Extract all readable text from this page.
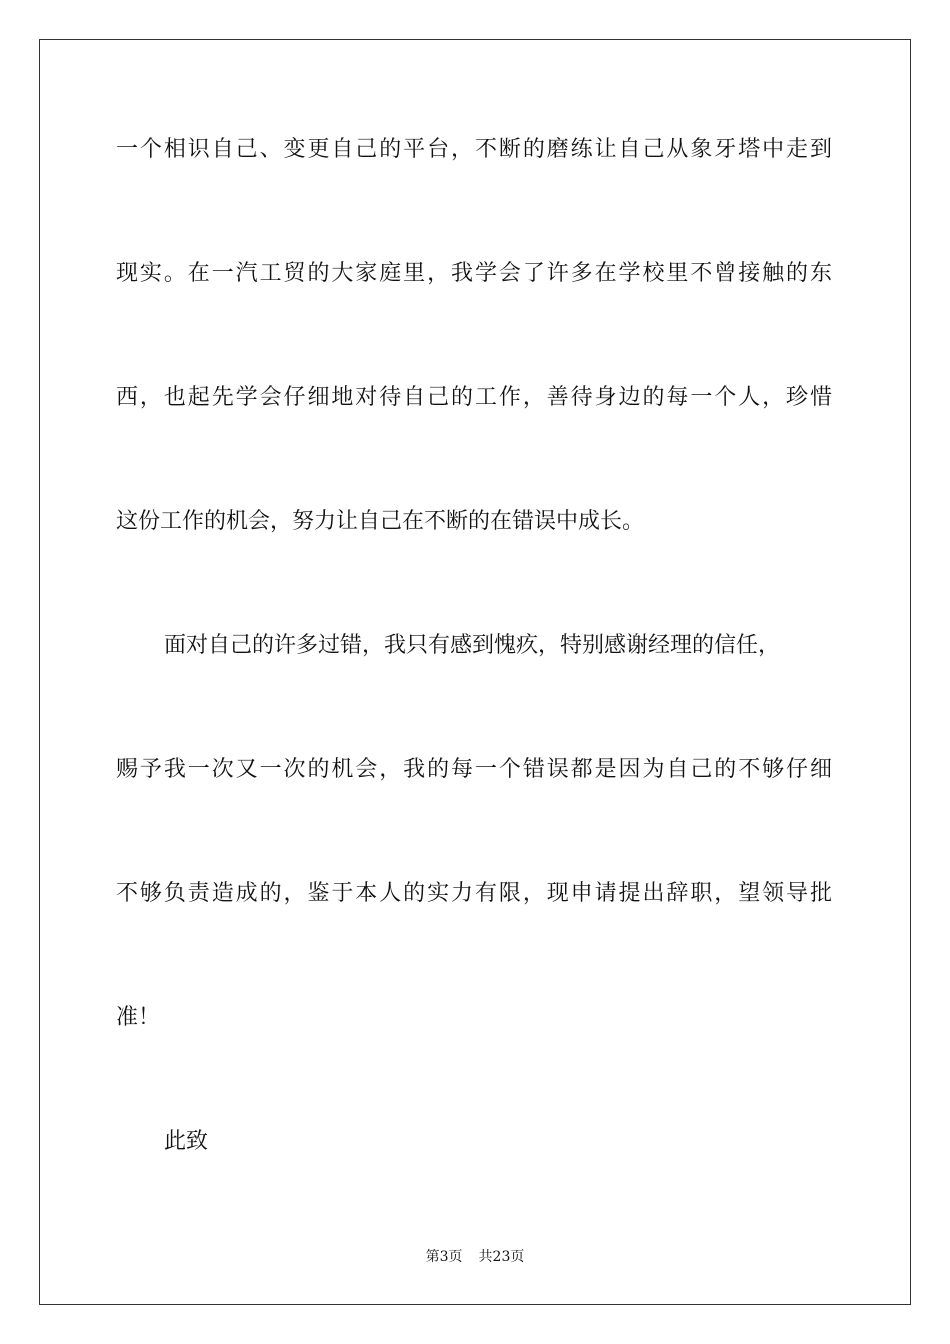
一个相识自己、变更自己的平台，不断的磨练让自己从象牙塔中走到
现实。在一汽工贸的大家庭里，我学会了许多在学校里不曾接触的东
西，也起先学会仔细地对待自己的工作，善待身边的每一个人，珍惜
这份工作的机会，努力让自己在不断的在错误中成长。
面对自己的许多过错，我只有感到愧疚，特别感谢经理的信任，
赐予我一次又一次的机会，我的每一个错误都是因为自己的不够仔细
不够负责造成的，鉴于本人的实力有限，现申请提出辞职，望领导批
准！
此致
第3页 共23页
